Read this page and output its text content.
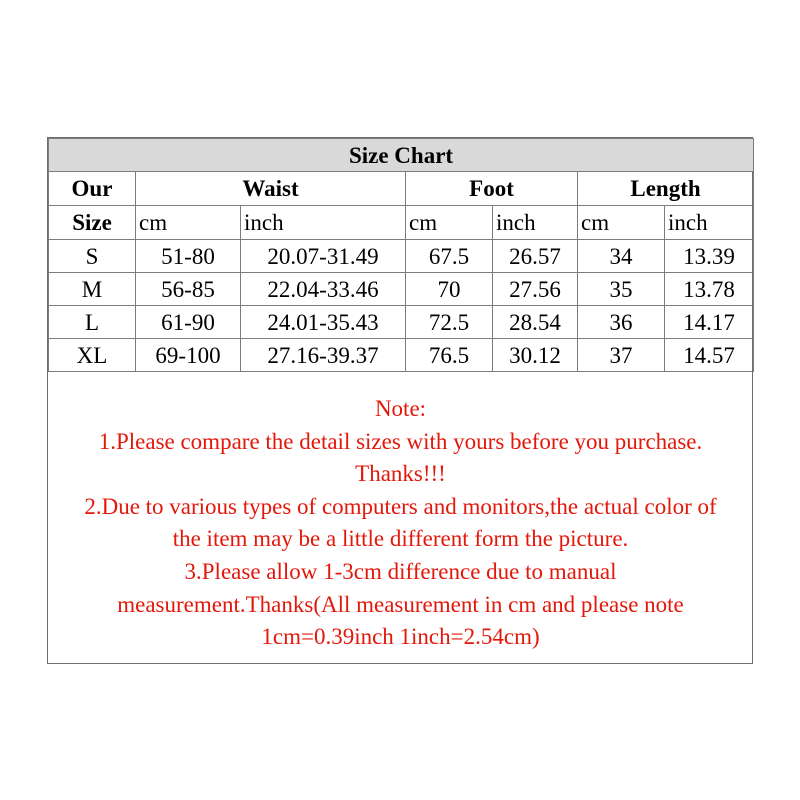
Size Chart						
Our	Waist		Foot		Length	
Size	cm	inch	cm	inch	cm	inch
S	51-80	20.07-31.49	67.5	26.57	34	13.39
M	56-85	22.04-33.46	70	27.56	35	13.78
L	61-90	24.01-35.43	72.5	28.54	36	14.17
XL	69-100	27.16-39.37	76.5	30.12	37	14.57
Note:
1.Please compare the detail sizes with yours before you purchase.
Thanks!!!
2.Due to various types of computers and monitors,the actual color of
the item may be a little different form the picture.
3.Please allow 1-3cm difference due to manual
measurement.Thanks(All measurement in cm and please note
1cm=0.39inch 1inch=2.54cm)
